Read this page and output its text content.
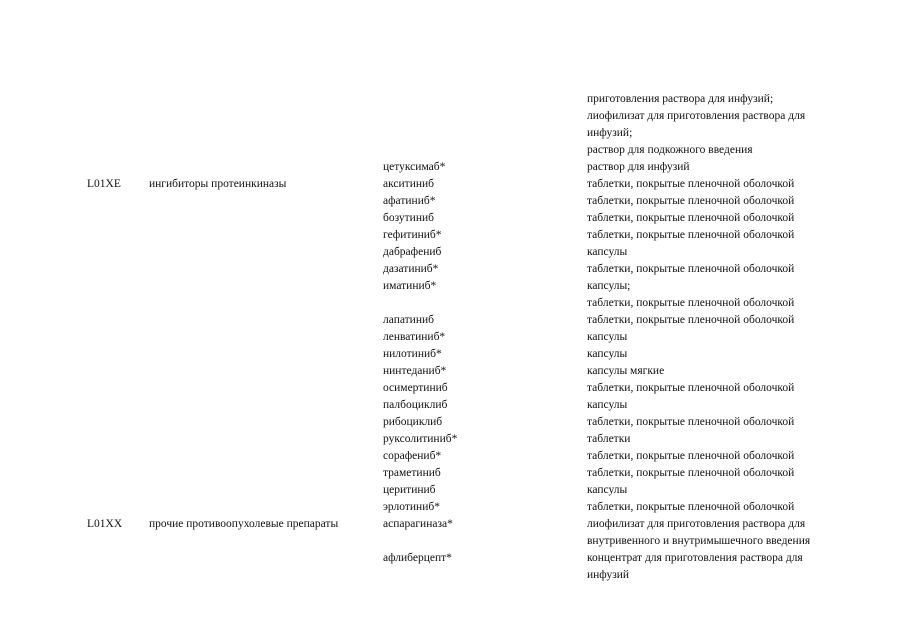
приготовления раствора для инфузий;
лиофилизат для приготовления раствора для
инфузий;
раствор для подкожного введения
цетуксимаб*	раствор для инфузий
L01XE ингибиторы протеинкиназы	акситиниб	таблетки, покрытые пленочной оболочкой
афатиниб*	таблетки, покрытые пленочной оболочкой
бозутиниб	таблетки, покрытые пленочной оболочкой
гефитиниб*	таблетки, покрытые пленочной оболочкой
дабрафениб	капсулы
дазатиниб*	таблетки, покрытые пленочной оболочкой
иматиниб*	капсулы;
таблетки, покрытые пленочной оболочкой
лапатиниб	таблетки, покрытые пленочной оболочкой
ленватиниб*	капсулы
нилотиниб*	капсулы
нинтеданиб*	капсулы мягкие
осимертиниб	таблетки, покрытые пленочной оболочкой
палбоциклиб	капсулы
рибоциклиб	таблетки, покрытые пленочной оболочкой
руксолитиниб*	таблетки
сорафениб*	таблетки, покрытые пленочной оболочкой
траметиниб	таблетки, покрытые пленочной оболочкой
церитиниб	капсулы
эрлотиниб*	таблетки, покрытые пленочной оболочкой
L01XX прочие противоопухолевые препараты	аспарагиназа*	лиофилизат для приготовления раствора для
внутривенного и внутримышечного введения
афлиберцепт*	концентрат для приготовления раствора для
инфузий
